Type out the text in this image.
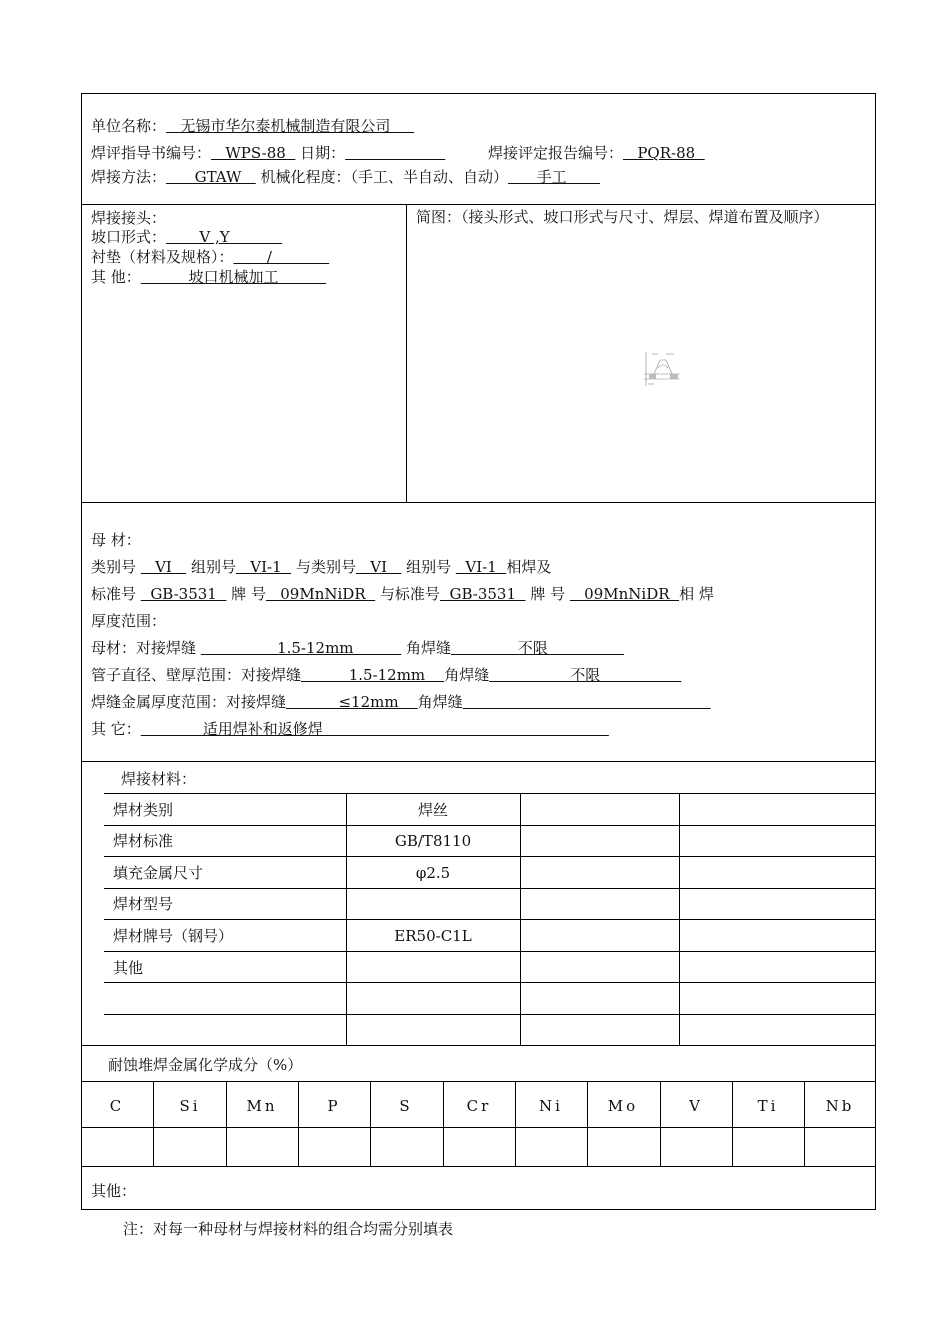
单位名称：   无锡市华尔泰机械制造有限公司
焊评指导书编号：   WPS-88   日期：	焊接评定报告编号：   PQR-88
焊接方法：      GTAW    机械化程度：（手工、半自动、自动）      手工
焊接接头：
坡口形式：       V ,Y
衬垫（材料及规格）：       /
其 他：          坡口机械加工
简图：（接头形式、坡口形式与尺寸、焊层、焊道布置及顺序）
母 材：
类别号    VI    组别号   VI-1   与类别号   VI    组别号   VI-1  相焊及
标准号   GB-3531   牌 号   09MnNiDR   与标准号  GB-3531   牌 号    09MnNiDR  相 焊
厚度范围：
母材：对接焊缝                 1.5-12mm           角焊缝              不限
管子直径、壁厚范围：对接焊缝          1.5-12mm    角焊缝                 不限
焊缝金属厚度范围：对接焊缝           ≤12mm    角焊缝
其 它：             适用焊补和返修焊
焊接材料：
焊材类别	焊丝
焊材标准	GB/T8110
填充金属尺寸	φ2.5
焊材型号
焊材牌号（钢号）	ER50-C1L
其他
耐蚀堆焊金属化学成分（%）
C	Si	Mn	P	S	Cr	Ni	Mo	V	Ti	Nb
其他：
注：对每一种母材与焊接材料的组合均需分别填表
